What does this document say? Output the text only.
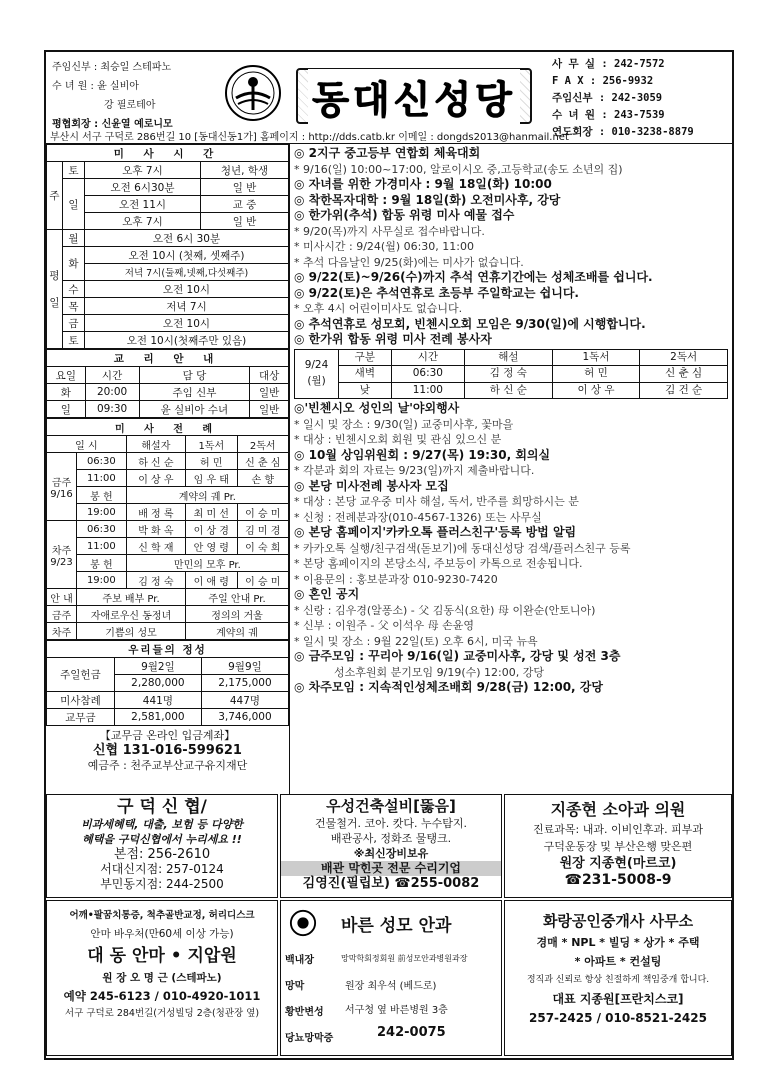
주임신부 : 최승일 스테파노
수 녀 원 : 윤 실비아
강 필로테아
평협회장 : 신윤열 예로니모
동대신성당
사 무 실 : 242-7572
F A X : 256-9932
주임신부 : 242-3059
수 녀 원 : 243-7539
연도회장 : 010-3238-8879
부산시 서구 구덕로 286번길 10 [동대신동1가] 홈페이지 : http://dds.catb.kr 이메일 : dongds2013@hanmail.net
미 사 시 간			
주	토	오후 7시	청년, 학생
	일	오전 6시30분	일 반
		오전 11시	교 중
		오후 7시	일 반
평

일	월	오전 6시 30분	
	화	오전 10시 (첫째, 셋째주)	
		저녁 7시(둘째,넷째,다섯째주)	
	수	오전 10시	
	목	저녁 7시	
	금	오전 10시	
	토	오전 10시(첫째주만 있음)	
교 리 안 내			
요일	시간	담 당	대상
화	20:00	주임 신부	일반
일	09:30	윤 실비아 수녀	일반
미 사 전 례				
일 시		해설자	1독서	2독서
금주 9/16	06:30	하 신 순	허 민	신 춘 심
	11:00	이 상 우	임 우 태	손 향
	봉 헌	계약의 궤 Pr.		
	19:00	배 정 록	최 미 선	이 승 미
차주 9/23	06:30	박 화 옥	이 상 경	김 미 경
	11:00	신 학 재	안 영 령	이 숙 희
	봉 헌	만민의 모후 Pr.		
	19:00	김 정 숙	이 애 령	이 승 미
안 내	주보 배부 Pr.		주일 안내 Pr.	
금주	자애로우신 동정녀		정의의 거울	
차주	기쁨의 성모		계약의 궤	
우리들의 정성		
주일헌금	9월2일	9월9일
	2,280,000	2,175,000
미사참례	441명	447명
교무금	2,581,000	3,746,000
【교무금 온라인 입금계좌】
신협 131-016-599621
예금주 : 천주교부산교구유지재단
◎ 2지구 중고등부 연합회 체육대회
* 9/16(일) 10:00~17:00, 알로이시오 중,고등학교(송도 소년의 집)
◎ 자녀를 위한 가경미사 : 9월 18일(화) 10:00
◎ 착한목자대학 : 9월 18일(화) 오전미사후, 강당
◎ 한가위(추석) 합동 위령 미사 예물 접수
* 9/20(목)까지 사무실로 접수바랍니다.
* 미사시간 : 9/24(월) 06:30, 11:00
* 추석 다음날인 9/25(화)에는 미사가 없습니다.
◎ 9/22(토)~9/26(수)까지 추석 연휴기간에는 성체조배를 쉽니다.
◎ 9/22(토)은 추석연휴로 초등부 주일학교는 쉽니다.
* 오후 4시 어린이미사도 없습니다.
◎ 추석연휴로 성모회, 빈첸시오회 모임은 9/30(일)에 시행합니다.
◎ 한가위 합동 위령 미사 전례 봉사자
9/24 (월)	구분	시간	해설	1독서	2독서
	새벽	06:30	김 정 숙	허 민	신 춘 심
	낮	11:00	하 신 순	이 상 우	김 건 순
◎'빈첸시오 성인의 날'야외행사
* 일시 및 장소 : 9/30(일) 교중미사후, 꽃마을
* 대상 : 빈첸시오회 회원 및 관심 있으신 분
◎ 10월 상임위원회 : 9/27(목) 19:30, 회의실
* 각분과 회의 자료는 9/23(일)까지 제출바랍니다.
◎ 본당 미사전례 봉사자 모집
* 대상 : 본당 교우중 미사 해설, 독서, 반주를 희망하시는 분
* 신청 : 전례분과장(010-4567-1326) 또는 사무실
◎ 본당 홈페이지'카카오톡 플러스친구'등록 방법 알림
* 카카오톡 실행/친구검색(돋보기)에 동대신성당 검색/플러스친구 등록
* 본당 홈페이지의 본당소식, 주보등이 카톡으로 전송됩니다.
* 이용문의 : 홍보분과장 010-9230-7420
◎ 혼인 공지
* 신랑 : 김우경(알퐁소) - 父 김동식(요한) 母 이완순(안토니아)
* 신부 : 이원주 - 父 이석우 母 손윤영
* 일시 및 장소 : 9월 22일(토) 오후 6시, 미국 뉴욕
◎ 금주모임 : 꾸리아 9/16(일) 교중미사후, 강당 및 성전 3층
성소후원회 분기모임 9/19(수) 12:00, 강당
◎ 차주모임 : 지속적인성체조배회 9/28(금) 12:00, 강당
구 덕 신 협/
비과세혜택, 대출, 보험 등 다양한
혜택을 구덕신협에서 누리세요 !!
본점: 256-2610
서대신지점: 257-0124
부민동지점: 244-2500
우성건축설비[뚫음]
건물철거. 코아. 캇다. 누수탐지.
배관공사, 정화조 물탱크.
※최신장비보유
배관 막힌곳 전문 수리기업
김영진(필립보) ☎255-0082
지종현 소아과 의원
진료과목: 내과. 이비인후과. 피부과
구덕운동장 및 부산은행 맞은편
원장 지종현(마르코)
☎231-5008-9
어깨•팔꿈치통증, 척추골반교정, 허리디스크
안마 바우처(만60세 이상 가능)
대 동 안마 • 지압원
원 장 오 명 근 (스테파노)
예약 245-6123 / 010-4920-1011
서구 구덕로 284번길(거성빌딩 2층(청관장 옆)
바른 성모 안과
백내장
망막
황반변성
당뇨망막증
망막학회정회원 前성모안과병원과장
원장 최우석 (베드로)
서구청 옆 바른병원 3층
242-0075
화랑공인중개사 사무소
경매 * NPL * 빌딩 * 상가 * 주택
* 아파트 * 컨설팅
정직과 신뢰로 항상 친절하게 책임중개 합니다.
대표 지종원[프란치스코]
257-2425 / 010-8521-2425
